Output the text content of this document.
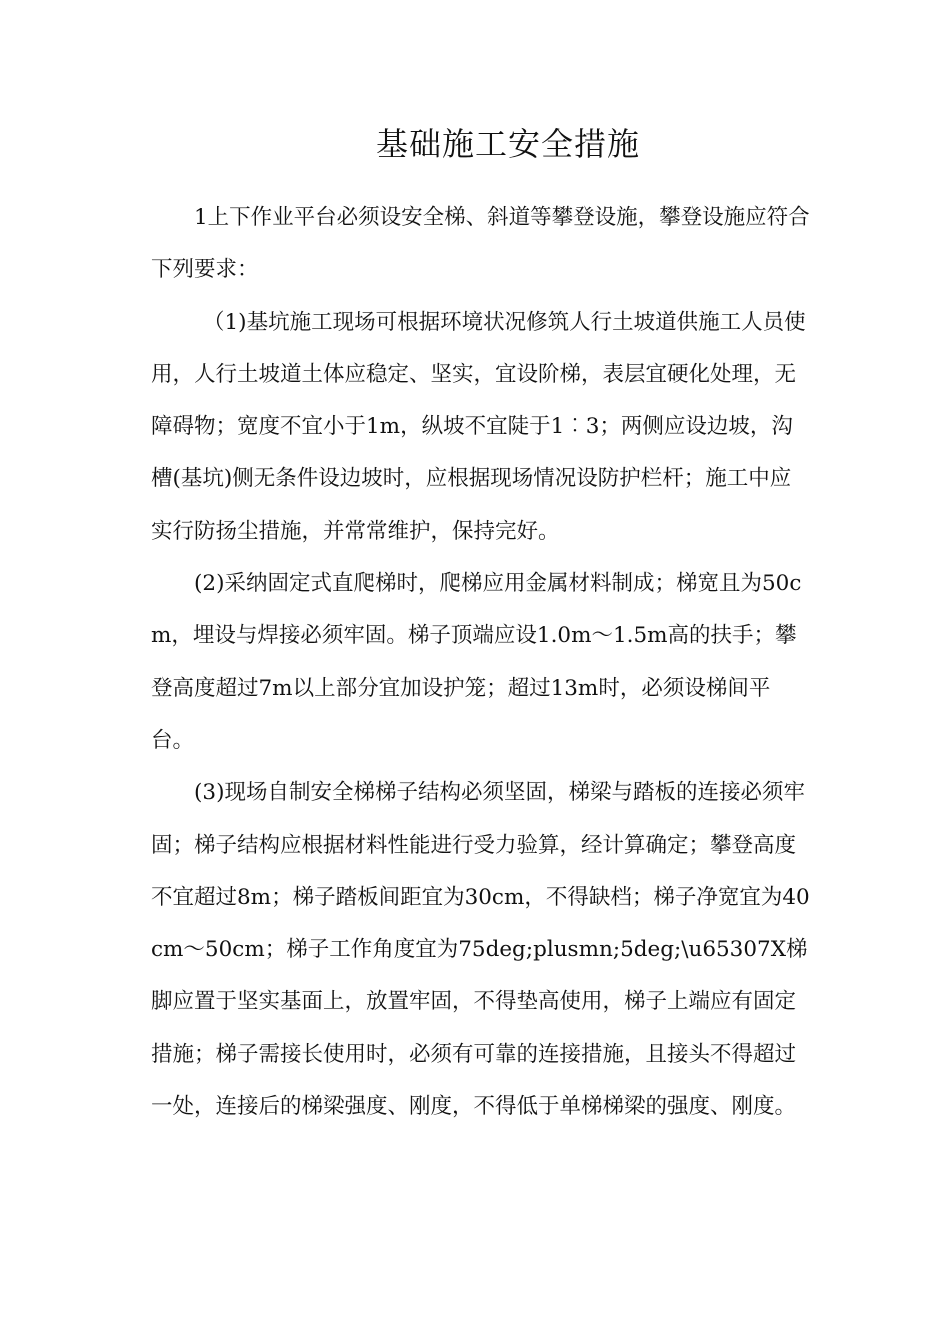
基础施工安全措施

1上下作业平台必须设安全梯、斜道等攀登设施，攀登设施应符合下列要求：

（1)基坑施工现场可根据环境状况修筑人行土坡道供施工人员使用，人行土坡道土体应稳定、坚实，宜设阶梯，表层宜硬化处理，无障碍物；宽度不宜小于1m，纵坡不宜陡于1︰3；两侧应设边坡，沟槽(基坑)侧无条件设边坡时，应根据现场情况设防护栏杆；施工中应实行防扬尘措施，并常常维护，保持完好。

(2)采纳固定式直爬梯时，爬梯应用金属材料制成；梯宽且为50cm，埋设与焊接必须牢固。梯子顶端应设1.0m～1.5m高的扶手；攀登高度超过7m以上部分宜加设护笼；超过13m时，必须设梯间平台。

(3)现场自制安全梯梯子结构必须坚固，梯梁与踏板的连接必须牢固；梯子结构应根据材料性能进行受力验算，经计算确定；攀登高度不宜超过8m；梯子踏板间距宜为30cm，不得缺档；梯子净宽宜为40cm～50cm；梯子工作角度宜为75deg;plusmn;5deg;\u65307X梯脚应置于坚实基面上，放置牢固，不得垫高使用，梯子上端应有固定措施；梯子需接长使用时，必须有可靠的连接措施，且接头不得超过一处，连接后的梯梁强度、刚度，不得低于单梯梯梁的强度、刚度。
